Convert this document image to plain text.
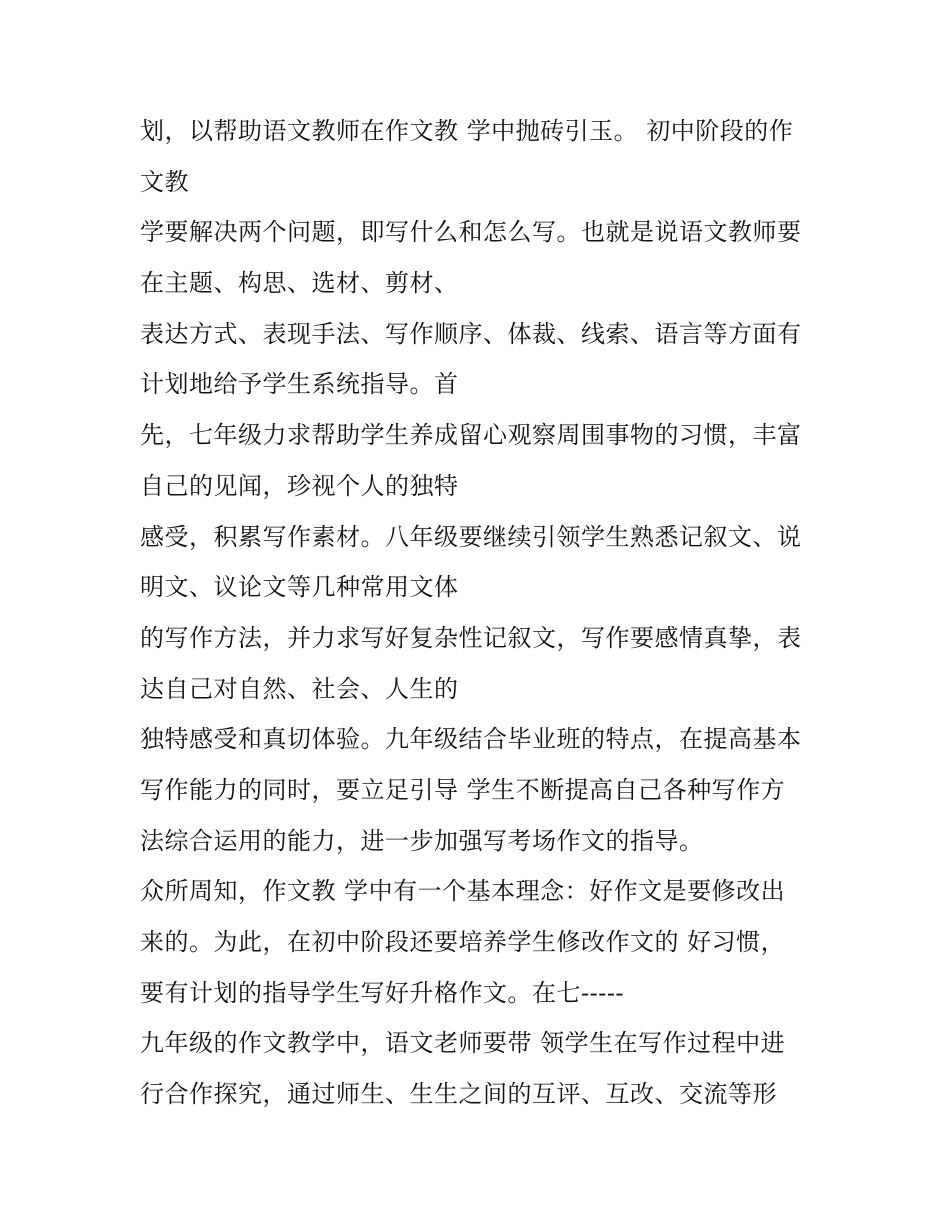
划，以帮助语文教师在作文教 学中抛砖引玉。 初中阶段的作
文教
学要解决两个问题，即写什么和怎么写。也就是说语文教师要
在主题、构思、选材、剪材、
表达方式、表现手法、写作顺序、体裁、线索、语言等方面有
计划地给予学生系统指导。首
先，七年级力求帮助学生养成留心观察周围事物的习惯，丰富
自己的见闻，珍视个人的独特
感受，积累写作素材。八年级要继续引领学生熟悉记叙文、说
明文、议论文等几种常用文体
的写作方法，并力求写好复杂性记叙文，写作要感情真挚，表
达自己对自然、社会、人生的
独特感受和真切体验。九年级结合毕业班的特点，在提高基本
写作能力的同时，要立足引导 学生不断提高自己各种写作方
法综合运用的能力，进一步加强写考场作文的指导。
众所周知，作文教 学中有一个基本理念：好作文是要修改出
来的。为此，在初中阶段还要培养学生修改作文的 好习惯，
要有计划的指导学生写好升格作文。在七-----
九年级的作文教学中，语文老师要带 领学生在写作过程中进
行合作探究，通过师生、生生之间的互评、互改、交流等形
